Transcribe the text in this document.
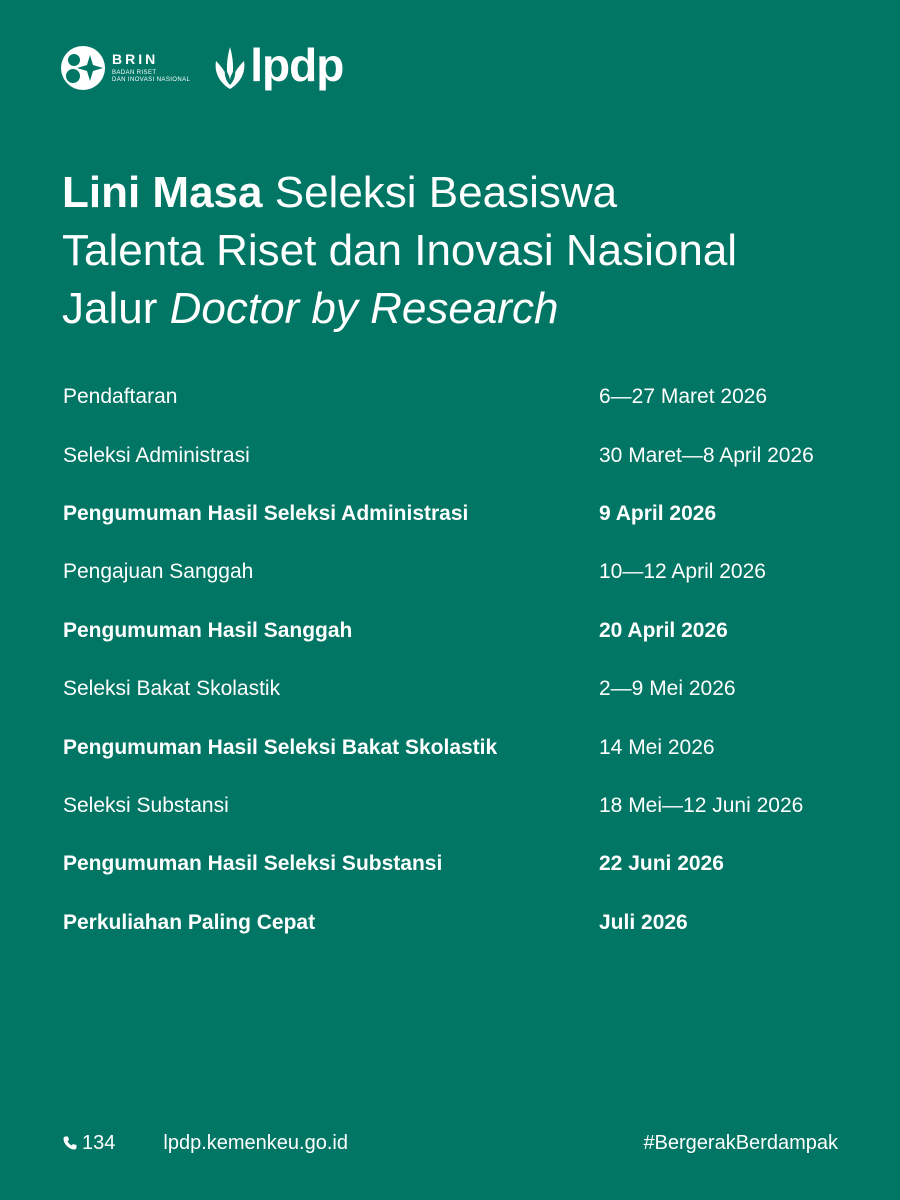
BRIN
BADAN RISET
DAN INOVASI NASIONAL lpdp
Lini Masa Seleksi Beasiswa
Talenta Riset dan Inovasi Nasional
Jalur Doctor by Research
Pendaftaran	6—27 Maret 2026
Seleksi Administrasi	30 Maret—8 April 2026
Pengumuman Hasil Seleksi Administrasi	9 April 2026
Pengajuan Sanggah	10—12 April 2026
Pengumuman Hasil Sanggah	20 April 2026
Seleksi Bakat Skolastik	2—9 Mei 2026
Pengumuman Hasil Seleksi Bakat Skolastik	14 Mei 2026
Seleksi Substansi	18 Mei—12 Juni 2026
Pengumuman Hasil Seleksi Substansi	22 Juni 2026
Perkuliahan Paling Cepat	Juli 2026
134 lpdp.kemenkeu.go.id	#BergerakBerdampak
